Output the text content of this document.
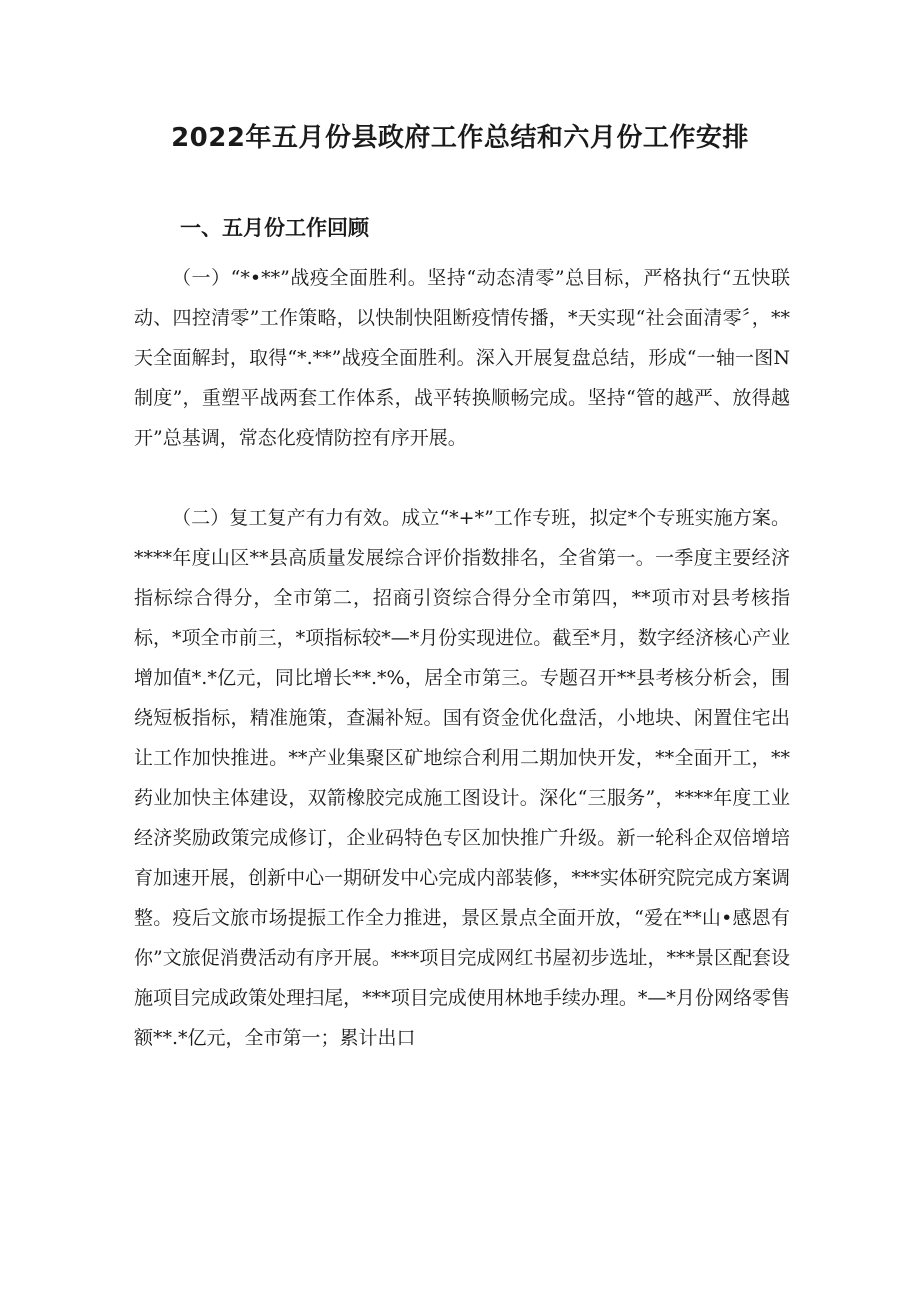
2022年五月份县政府工作总结和六月份工作安排
一、五月份工作回顾

（一）“*•**”战疫全面胜利。坚持“动态清零”总目标，严格执行“五快联动、四控清零”工作策略，以快制快阻断疫情传播，*天实现“社会面清零〞，**天全面解封，取得“*.**”战疫全面胜利。深入开展复盘总结，形成“一轴一图N制度”，重塑平战两套工作体系，战平转换顺畅完成。坚持“管的越严、放得越开”总基调，常态化疫情防控有序开展。

（二）复工复产有力有效。成立“*+*”工作专班，拟定*个专班实施方案。****年度山区**县高质量发展综合评价指数排名，全省第一。一季度主要经济指标综合得分，全市第二，招商引资综合得分全市第四，**项市对县考核指标，*项全市前三，*项指标较*—*月份实现进位。截至*月，数字经济核心产业增加值*.*亿元，同比增长**.*%，居全市第三。专题召开**县考核分析会，围绕短板指标，精准施策，查漏补短。国有资金优化盘活，小地块、闲置住宅出让工作加快推进。**产业集聚区矿地综合利用二期加快开发，**全面开工，**药业加快主体建设，双箭橡胶完成施工图设计。深化“三服务”，****年度工业经济奖励政策完成修订，企业码特色专区加快推广升级。新一轮科企双倍增培育加速开展，创新中心一期研发中心完成内部装修，***实体研究院完成方案调整。疫后文旅市场提振工作全力推进，景区景点全面开放，“爱在**山•感恩有你”文旅促消费活动有序开展。***项目完成网红书屋初步选址，***景区配套设施项目完成政策处理扫尾，***项目完成使用林地手续办理。*—*月份网络零售额**.*亿元，全市第一；累计出口
